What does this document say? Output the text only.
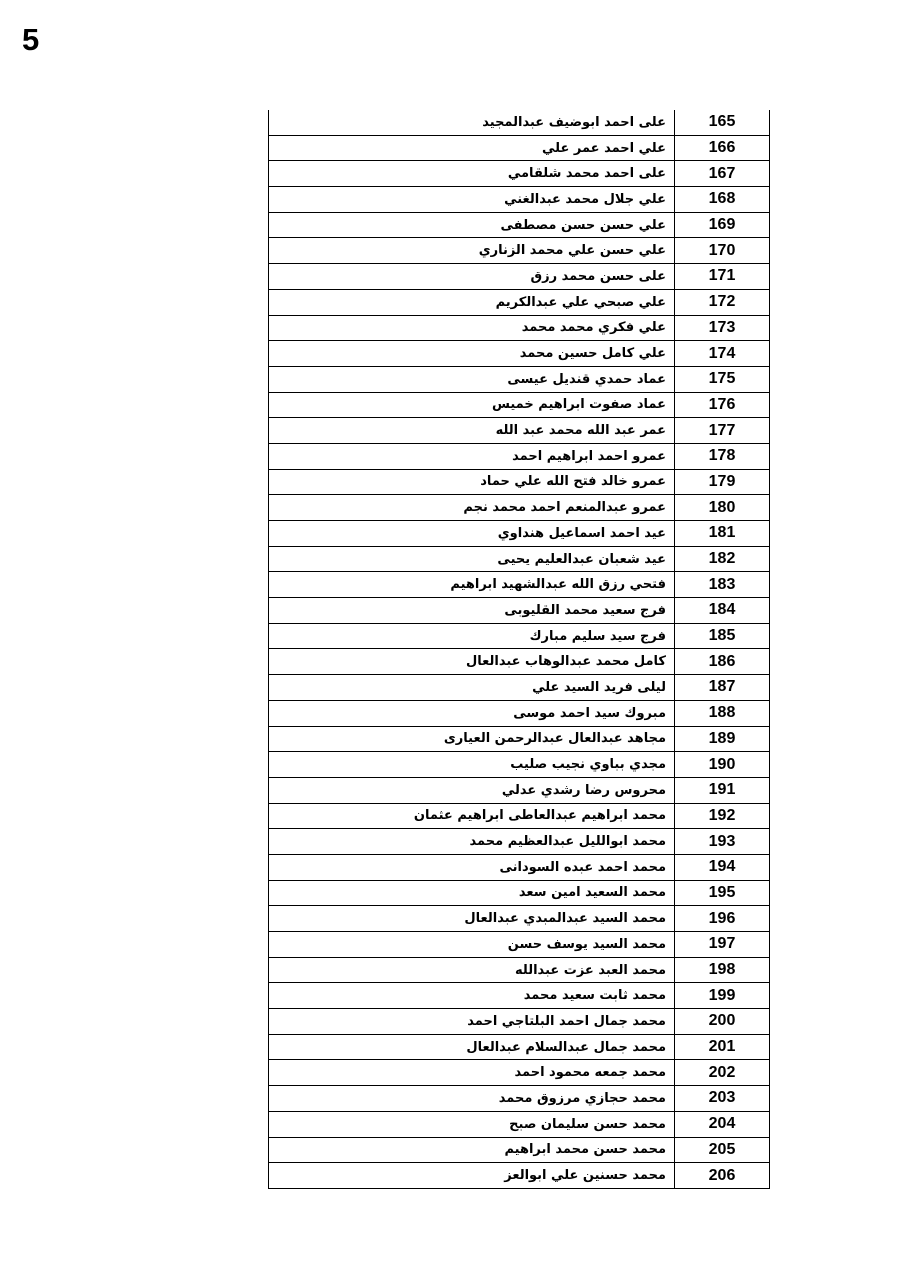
5
165	على احمد ابوضيف عبدالمجيد
166	علي احمد عمر علي
167	على احمد محمد شلقامي
168	علي جلال محمد عبدالغني
169	علي حسن حسن مصطفى
170	علي حسن علي محمد الزناري
171	على حسن محمد رزق
172	علي صبحي علي عبدالكريم
173	علي فكري محمد محمد
174	علي كامل حسين محمد
175	عماد حمدي قنديل عيسى
176	عماد صفوت ابراهيم خميس
177	عمر عبد الله محمد عبد الله
178	عمرو احمد ابراهيم احمد
179	عمرو خالد فتح الله علي حماد
180	عمرو عبدالمنعم احمد محمد نجم
181	عيد احمد اسماعيل هنداوي
182	عيد شعبان عبدالعليم يحيى
183	فتحي رزق الله عبدالشهيد ابراهيم
184	فرج سعيد محمد القليوبى
185	فرج سيد سليم مبارك
186	كامل محمد عبدالوهاب عبدالعال
187	ليلى فريد السيد علي
188	مبروك سيد احمد موسى
189	مجاهد عبدالعال عبدالرحمن العيارى
190	مجدي بباوي نجيب صليب
191	محروس رضا رشدي عدلي
192	محمد ابراهيم عبدالعاطى ابراهيم عثمان
193	محمد ابوالليل عبدالعظيم محمد
194	محمد احمد عبده السودانى
195	محمد السعيد امين سعد
196	محمد السيد عبدالمبدي عبدالعال
197	محمد السيد يوسف حسن
198	محمد العبد عزت عبدالله
199	محمد ثابت سعيد محمد
200	محمد جمال احمد البلتاجي احمد
201	محمد جمال عبدالسلام عبدالعال
202	محمد جمعه محمود احمد
203	محمد حجازي مرزوق محمد
204	محمد حسن سليمان صبح
205	محمد حسن محمد ابراهيم
206	محمد حسنين علي ابوالعز
